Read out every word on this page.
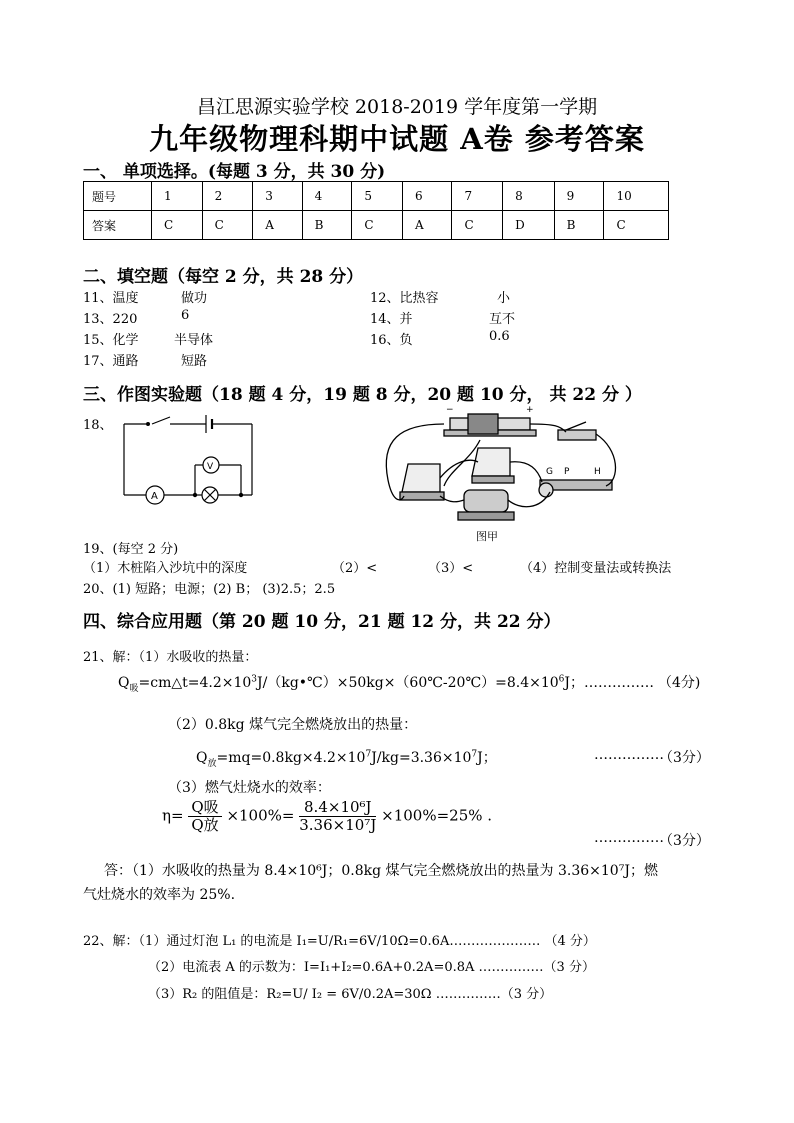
昌江思源实验学校 2018-2019 学年度第一学期
九年级物理科期中试题 A卷 参考答案
一、 单项选择。(每题 3 分，共 30 分)
题号	1	2	3	4	5	6	7	8	9	10
答案	C	C	A	B	C	A	C	D	B	C
二、填空题（每空 2 分，共 28 分）
11、温度	做功	12、比热容	小
13、220	6	14、并	互不
15、化学	半导体	16、负	0.6
17、通路	短路
三、作图实验题（18 题 4 分，19 题 8 分，20 题 10 分， 共 22 分 ）
18、
A
V
−	+
G P	H
图甲
19、(每空 2 分)
（1）木桩陷入沙坑中的深度	（2）<	（3）<	（4）控制变量法或转换法
20、(1) 短路；电源；(2) B； (3)2.5；2.5
四、综合应用题（第 20 题 10 分，21 题 12 分，共 22 分）
21、解：（1）水吸收的热量：
$Q_吸=cm\triangle t=4.2\times 10^3J/(kg•℃)\times 50kg\times(60℃-20℃)=8.4\times 10^6J$；…………… （4分)
（2）0.8kg 煤气完全燃烧放出的热量：
$Q_放=mq=0.8kg\times 4.2\times 10^7J/kg=3.36\times 10^7J$；	……………
（3分）
（3）燃气灶烧水的效率：
$\eta= \frac{\text{Q吸}}{\text{Q放}} \times 100\%= \frac{\text{8.4×10⁶J}}{\text{3.36×10⁷J}} \times 100\%=25\%$ .
……………
（3分）
答：（1）水吸收的热量为 8.4×10⁶J；0.8kg 煤气完全燃烧放出的热量为 3.36×10⁷J；燃
气灶烧水的效率为 25%.
22、解：（1）通过灯泡 L₁ 的电流是 I₁=U/R₁=6V/10Ω=0.6A………………… （4 分）
（2）电流表 A 的示数为：I=I₁+I₂=0.6A+0.2A=0.8A ……………（3 分）
（3）R₂ 的阻值是：R₂=U/ I₂ = 6V/0.2A=30Ω ……………（3 分）
